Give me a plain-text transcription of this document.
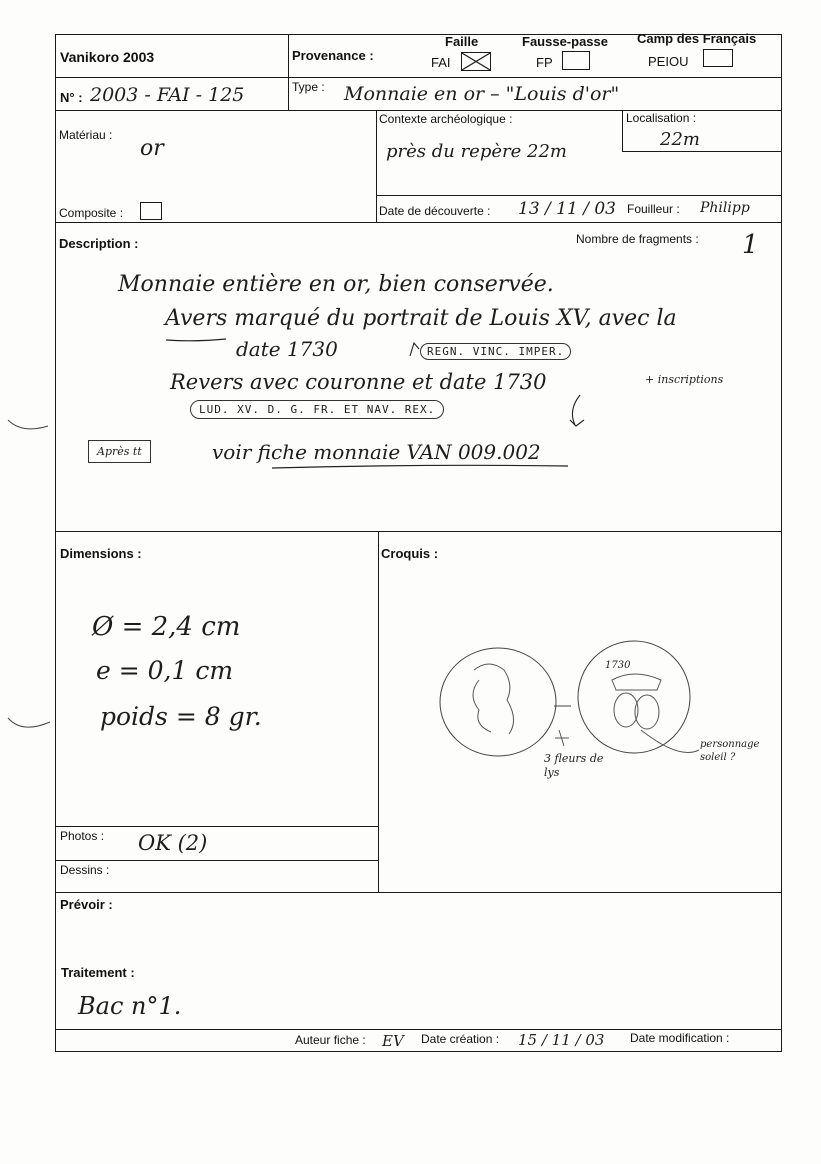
Vanikoro 2003	Provenance :
Faille
FAI
Fausse-passe
FP
Camp des Français
PEIOU
N° : 2003 - FAI - 125	Type : Monnaie en or – "Louis d'or"
Matériau :
or
Contexte archéologique :
près du repère 22m
Localisation :
22m
Composite :	Date de découverte : 13 / 11 / 03 Fouilleur : Philipp
Description :	Nombre de fragments : 1
Monnaie entière en or, bien conservée.
Avers marqué du portrait de Louis XV, avec la
date 1730	REGN. VINC. IMPER.
Revers avec couronne et date 1730	+ inscriptions
LUD. XV. D. G. FR. ET NAV. REX.
Après tt	voir fiche monnaie VAN 009.002
Dimensions :
Ø = 2,4 cm
e = 0,1 cm
poids = 8 gr.
Croquis :
1730
3 fleurs de lys
personnage soleil ?
Photos : OK (2)
Dessins :
Prévoir :
Traitement :
Bac n°1.
Auteur fiche : EV Date création : 15 / 11 / 03 Date modification :
